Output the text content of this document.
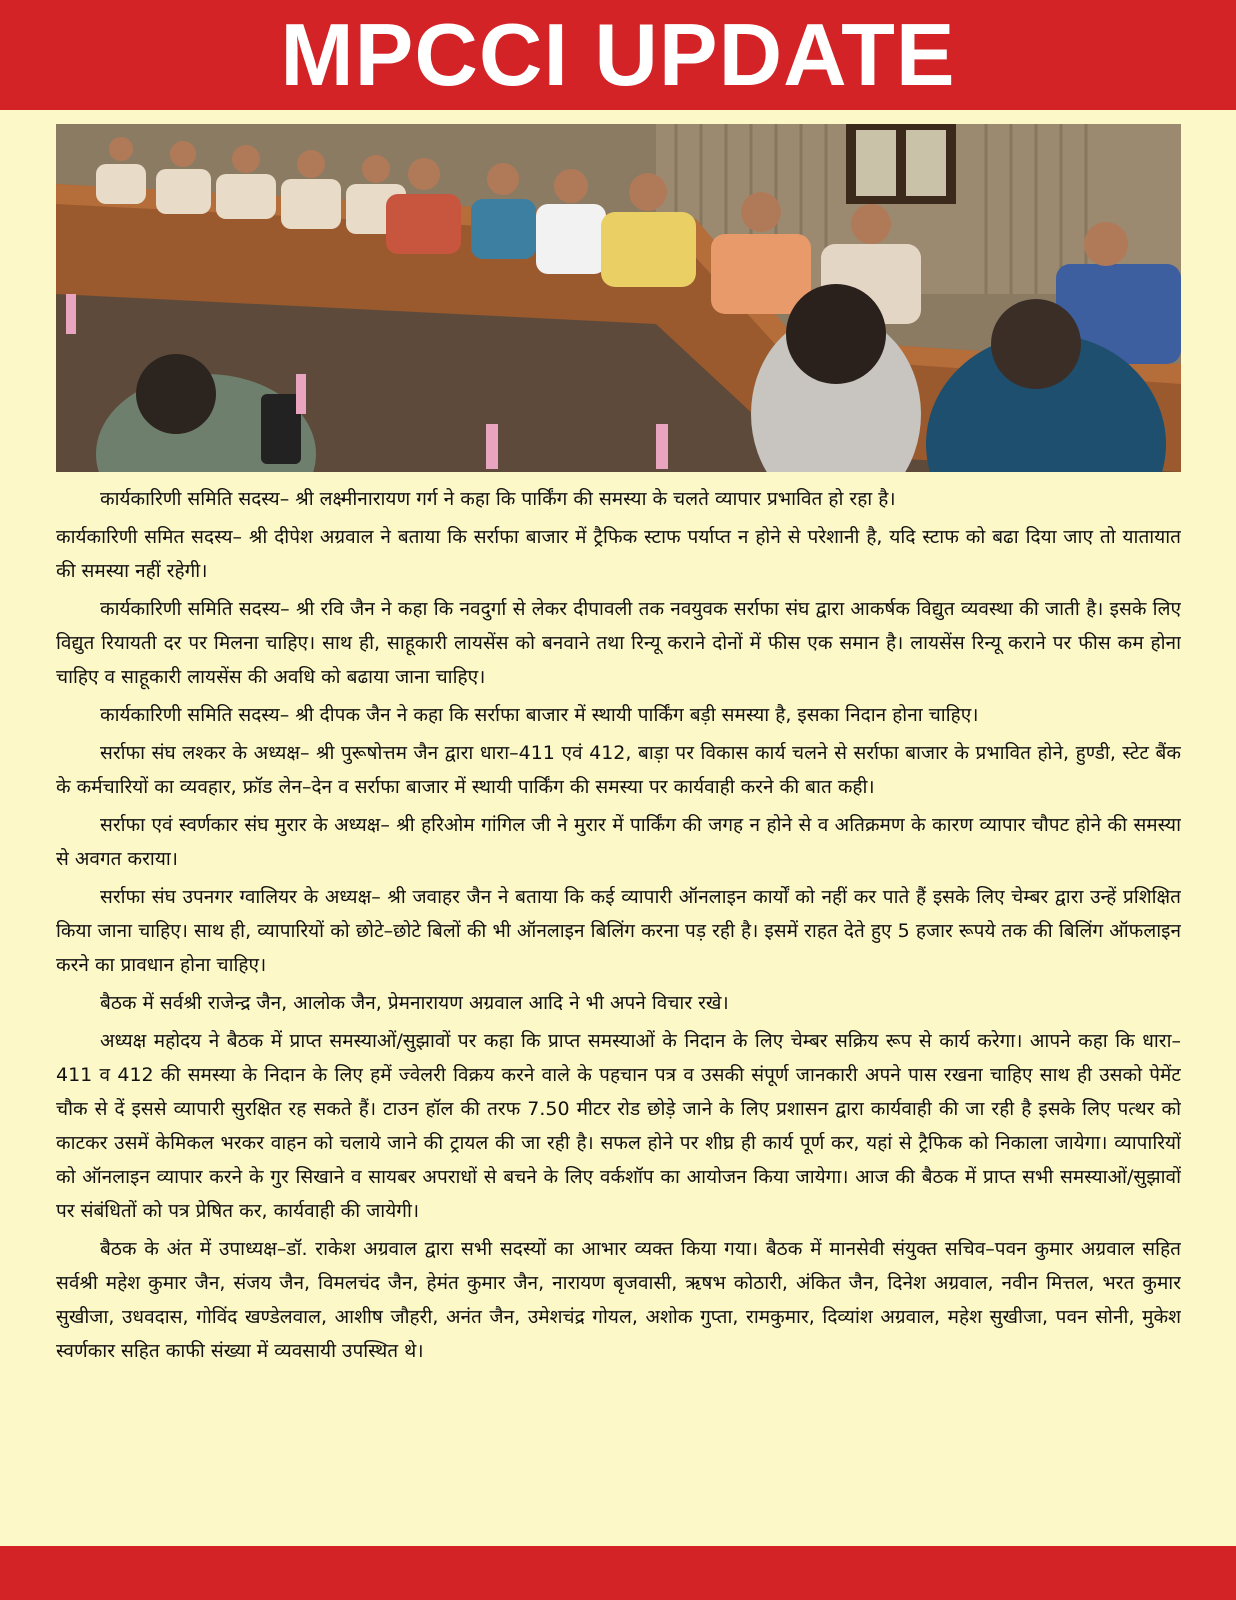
MPCCI UPDATE

कार्यकारिणी समिति सदस्य– श्री लक्ष्मीनारायण गर्ग ने कहा कि पार्किंग की समस्या के चलते व्यापार प्रभावित हो रहा है।

कार्यकारिणी समित सदस्य– श्री दीपेश अग्रवाल ने बताया कि सर्राफा बाजार में ट्रैफिक स्टाफ पर्याप्त न होने से परेशानी है, यदि स्टाफ को बढा दिया जाए तो यातायात की समस्या नहीं रहेगी।

कार्यकारिणी समिति सदस्य– श्री रवि जैन ने कहा कि नवदुर्गा से लेकर दीपावली तक नवयुवक सर्राफा संघ द्वारा आकर्षक विद्युत व्यवस्था की जाती है। इसके लिए विद्युत रियायती दर पर मिलना चाहिए। साथ ही, साहूकारी लायसेंस को बनवाने तथा रिन्यू कराने दोनों में फीस एक समान है। लायसेंस रिन्यू कराने पर फीस कम होना चाहिए व साहूकारी लायसेंस की अवधि को बढाया जाना चाहिए।

कार्यकारिणी समिति सदस्य– श्री दीपक जैन ने कहा कि सर्राफा बाजार में स्थायी पार्किंग बड़ी समस्या है, इसका निदान होना चाहिए।

सर्राफा संघ लश्कर के अध्यक्ष– श्री पुरूषोत्तम जैन द्वारा धारा–411 एवं 412, बाड़ा पर विकास कार्य चलने से सर्राफा बाजार के प्रभावित होने, हुण्डी, स्टेट बैंक के कर्मचारियों का व्यवहार, फ्रॉड लेन–देन व सर्राफा बाजार में स्थायी पार्किंग की समस्या पर कार्यवाही करने की बात कही।

सर्राफा एवं स्वर्णकार संघ मुरार के अध्यक्ष– श्री हरिओम गांगिल जी ने मुरार में पार्किंग की जगह न होने से व अतिक्रमण के कारण व्यापार चौपट होने की समस्या से अवगत कराया।

सर्राफा संघ उपनगर ग्वालियर के अध्यक्ष– श्री जवाहर जैन ने बताया कि कई व्यापारी ऑनलाइन कार्यों को नहीं कर पाते हैं इसके लिए चेम्बर द्वारा उन्हें प्रशिक्षित किया जाना चाहिए। साथ ही, व्यापारियों को छोटे–छोटे बिलों की भी ऑनलाइन बिलिंग करना पड़ रही है। इसमें राहत देते हुए 5 हजार रूपये तक की बिलिंग ऑफलाइन करने का प्रावधान होना चाहिए।

बैठक में सर्वश्री राजेन्द्र जैन, आलोक जैन, प्रेमनारायण अग्रवाल आदि ने भी अपने विचार रखे।

अध्यक्ष महोदय ने बैठक में प्राप्त समस्याओं/सुझावों पर कहा कि प्राप्त समस्याओं के निदान के लिए चेम्बर सक्रिय रूप से कार्य करेगा। आपने कहा कि धारा–411 व 412 की समस्या के निदान के लिए हमें ज्वेलरी विक्रय करने वाले के पहचान पत्र व उसकी संपूर्ण जानकारी अपने पास रखना चाहिए साथ ही उसको पेमेंट चौक से दें इससे व्यापारी सुरक्षित रह सकते हैं। टाउन हॉल की तरफ 7.50 मीटर रोड छोड़े जाने के लिए प्रशासन द्वारा कार्यवाही की जा रही है इसके लिए पत्थर को काटकर उसमें केमिकल भरकर वाहन को चलाये जाने की ट्रायल की जा रही है। सफल होने पर शीघ्र ही कार्य पूर्ण कर, यहां से ट्रैफिक को निकाला जायेगा। व्यापारियों को ऑनलाइन व्यापार करने के गुर सिखाने व सायबर अपराधों से बचने के लिए वर्कशॉप का आयोजन किया जायेगा। आज की बैठक में प्राप्त सभी समस्याओं/सुझावों पर संबंधितों को पत्र प्रेषित कर, कार्यवाही की जायेगी।

बैठक के अंत में उपाध्यक्ष–डॉ. राकेश अग्रवाल द्वारा सभी सदस्यों का आभार व्यक्त किया गया। बैठक में मानसेवी संयुक्त सचिव–पवन कुमार अग्रवाल सहित सर्वश्री महेश कुमार जैन, संजय जैन, विमलचंद जैन, हेमंत कुमार जैन, नारायण बृजवासी, ऋषभ कोठारी, अंकित जैन, दिनेश अग्रवाल, नवीन मित्तल, भरत कुमार सुखीजा, उधवदास, गोविंद खण्डेलवाल, आशीष जौहरी, अनंत जैन, उमेशचंद्र गोयल, अशोक गुप्ता, रामकुमार, दिव्यांश अग्रवाल, महेश सुखीजा, पवन सोनी, मुकेश स्वर्णकार सहित काफी संख्या में व्यवसायी उपस्थित थे।
